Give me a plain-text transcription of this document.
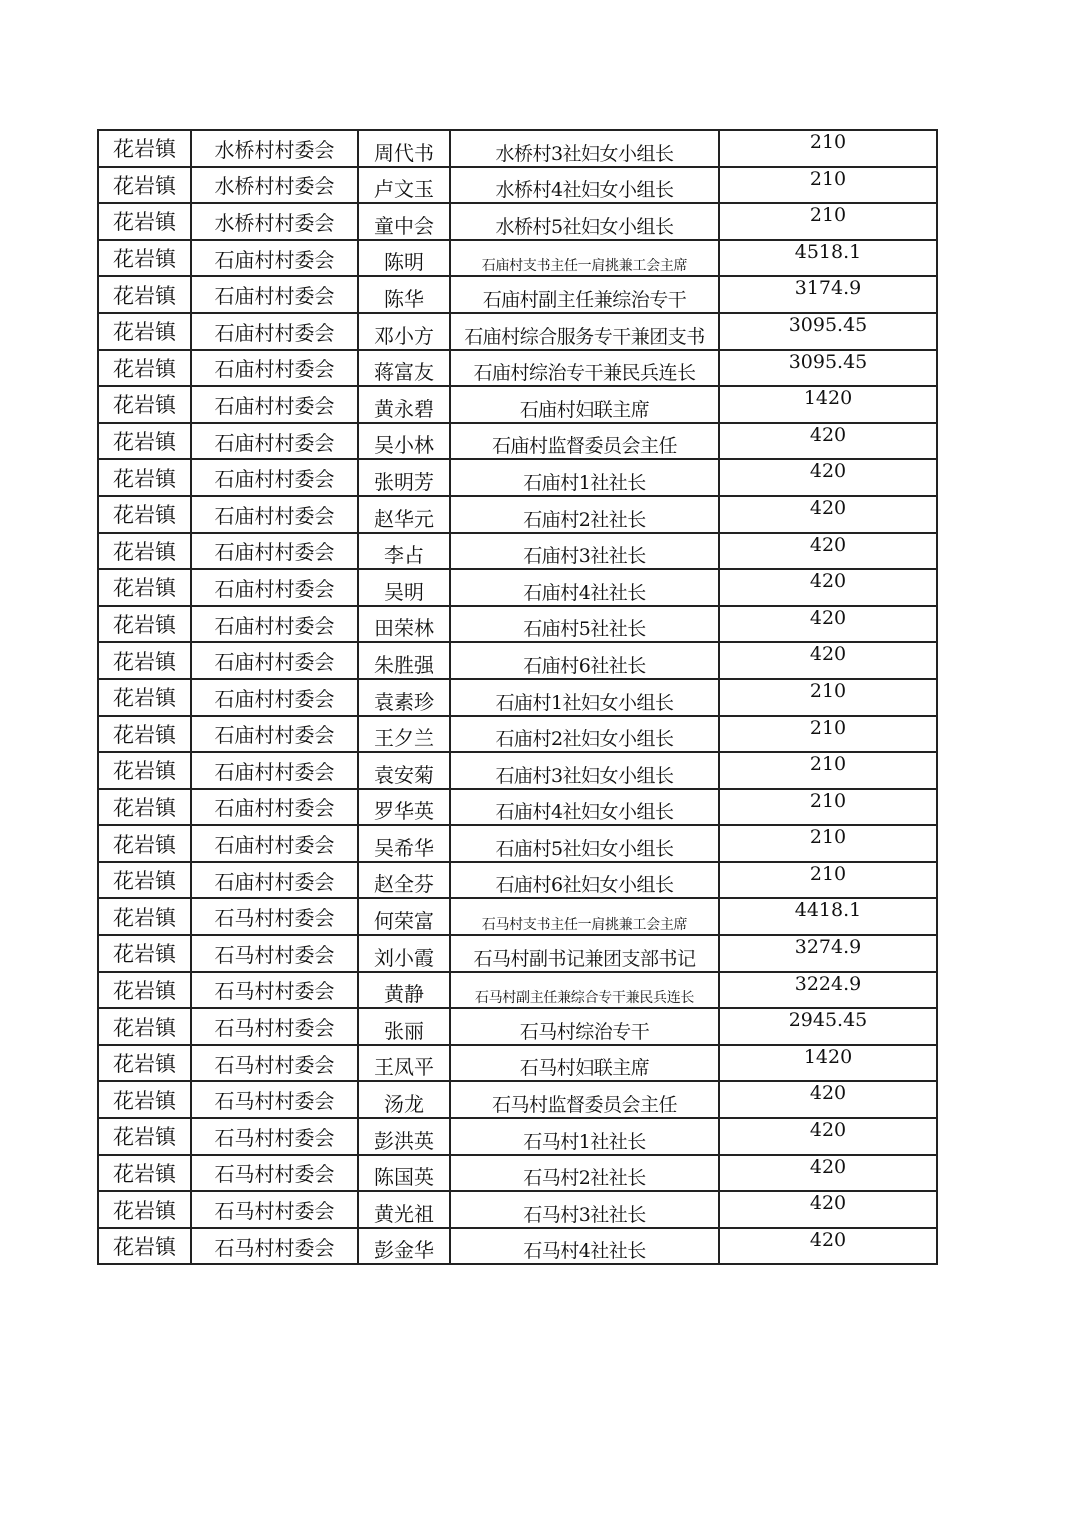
花岩镇	水桥村村委会	周代书	水桥村3社妇女小组长	210
花岩镇	水桥村村委会	卢文玉	水桥村4社妇女小组长	210
花岩镇	水桥村村委会	童中会	水桥村5社妇女小组长	210
花岩镇	石庙村村委会	陈明	石庙村支书主任一肩挑兼工会主席	4518.1
花岩镇	石庙村村委会	陈华	石庙村副主任兼综治专干	3174.9
花岩镇	石庙村村委会	邓小方	石庙村综合服务专干兼团支书	3095.45
花岩镇	石庙村村委会	蒋富友	石庙村综治专干兼民兵连长	3095.45
花岩镇	石庙村村委会	黄永碧	石庙村妇联主席	1420
花岩镇	石庙村村委会	吴小林	石庙村监督委员会主任	420
花岩镇	石庙村村委会	张明芳	石庙村1社社长	420
花岩镇	石庙村村委会	赵华元	石庙村2社社长	420
花岩镇	石庙村村委会	李占	石庙村3社社长	420
花岩镇	石庙村村委会	吴明	石庙村4社社长	420
花岩镇	石庙村村委会	田荣林	石庙村5社社长	420
花岩镇	石庙村村委会	朱胜强	石庙村6社社长	420
花岩镇	石庙村村委会	袁素珍	石庙村1社妇女小组长	210
花岩镇	石庙村村委会	王夕兰	石庙村2社妇女小组长	210
花岩镇	石庙村村委会	袁安菊	石庙村3社妇女小组长	210
花岩镇	石庙村村委会	罗华英	石庙村4社妇女小组长	210
花岩镇	石庙村村委会	吴希华	石庙村5社妇女小组长	210
花岩镇	石庙村村委会	赵全芬	石庙村6社妇女小组长	210
花岩镇	石马村村委会	何荣富	石马村支书主任一肩挑兼工会主席	4418.1
花岩镇	石马村村委会	刘小霞	石马村副书记兼团支部书记	3274.9
花岩镇	石马村村委会	黄静	石马村副主任兼综合专干兼民兵连长	3224.9
花岩镇	石马村村委会	张丽	石马村综治专干	2945.45
花岩镇	石马村村委会	王凤平	石马村妇联主席	1420
花岩镇	石马村村委会	汤龙	石马村监督委员会主任	420
花岩镇	石马村村委会	彭洪英	石马村1社社长	420
花岩镇	石马村村委会	陈国英	石马村2社社长	420
花岩镇	石马村村委会	黄光祖	石马村3社社长	420
花岩镇	石马村村委会	彭金华	石马村4社社长	420
